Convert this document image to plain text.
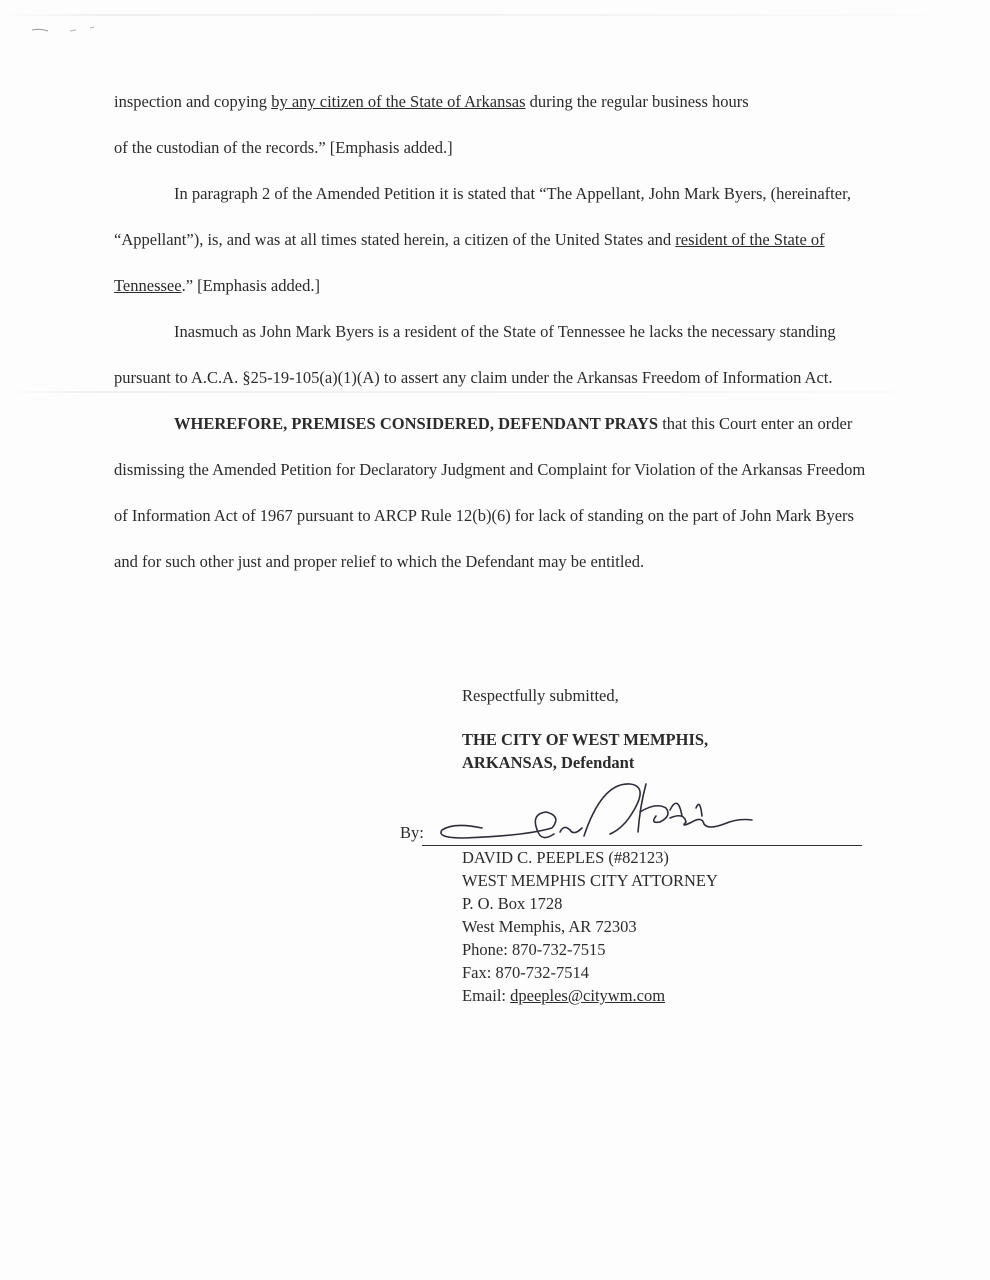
inspection and copying by any citizen of the State of Arkansas during the regular business hours
of the custodian of the records.” [Emphasis added.]

In paragraph 2 of the Amended Petition it is stated that “The Appellant, John Mark Byers, (hereinafter, “Appellant”), is, and was at all times stated herein, a citizen of the United States and resident of the State of Tennessee.” [Emphasis added.]

Inasmuch as John Mark Byers is a resident of the State of Tennessee he lacks the necessary standing pursuant to A.C.A. §25-19-105(a)(1)(A) to assert any claim under the Arkansas Freedom of Information Act.

WHEREFORE, PREMISES CONSIDERED, DEFENDANT PRAYS that this Court enter an order dismissing the Amended Petition for Declaratory Judgment and Complaint for Violation of the Arkansas Freedom of Information Act of 1967 pursuant to ARCP Rule 12(b)(6) for lack of standing on the part of John Mark Byers and for such other just and proper relief to which the Defendant may be entitled.

Respectfully submitted,

THE CITY OF WEST MEMPHIS,
ARKANSAS, Defendant

By:
DAVID C. PEEPLES (#82123)
WEST MEMPHIS CITY ATTORNEY
P. O. Box 1728
West Memphis, AR 72303
Phone: 870-732-7515
Fax: 870-732-7514
Email: dpeeples@citywm.com
